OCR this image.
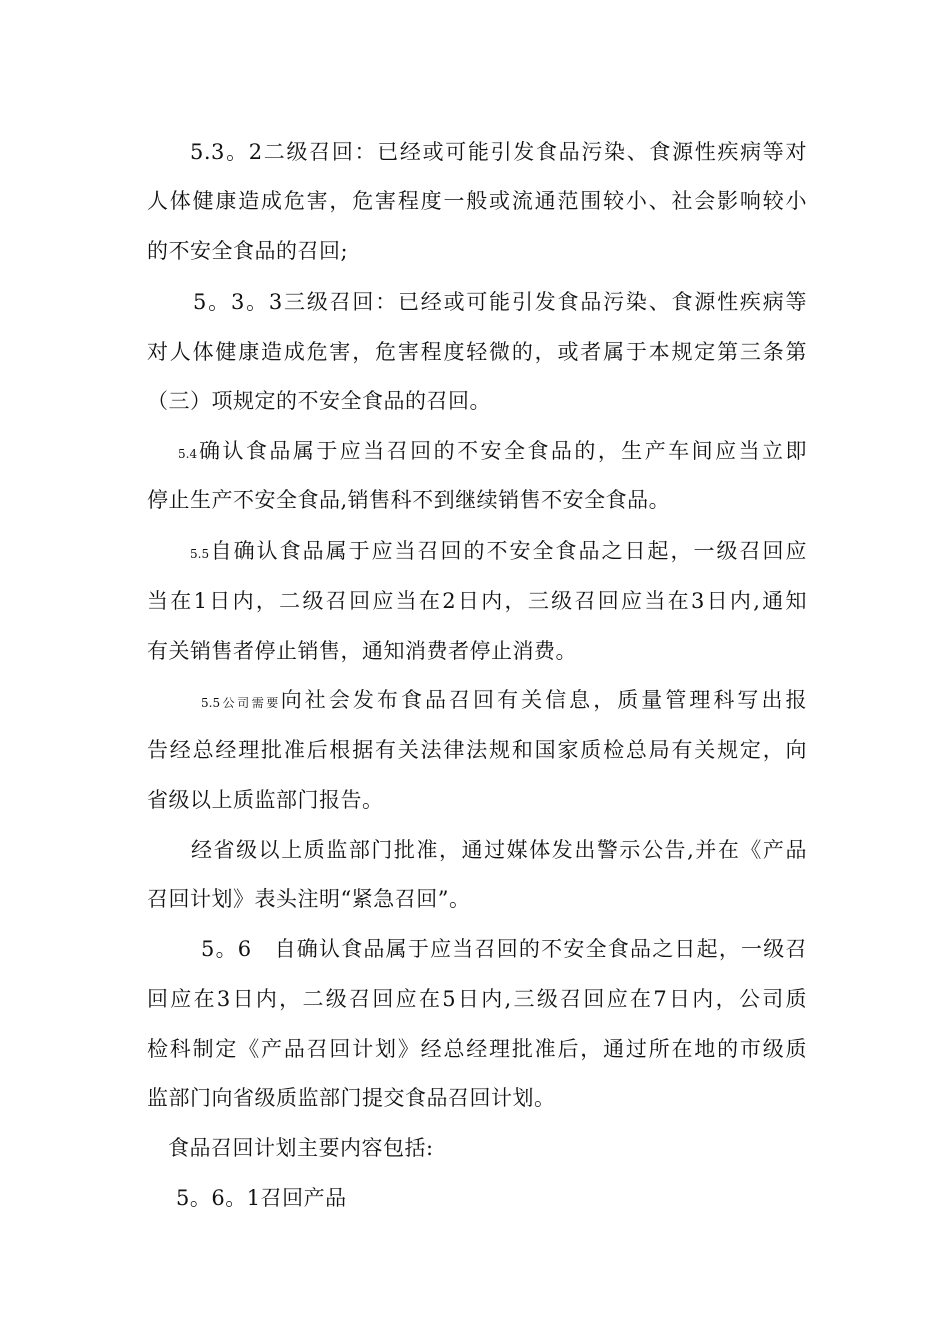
5.3。2二级召回：已经或可能引发食品污染、食源性疾病等对
人体健康造成危害，危害程度一般或流通范围较小、社会影响较小
的不安全食品的召回;
5。3。3三级召回：已经或可能引发食品污染、食源性疾病等
对人体健康造成危害，危害程度轻微的，或者属于本规定第三条第
（三）项规定的不安全食品的召回。
5.4确认食品属于应当召回的不安全食品的，生产车间应当立即
停止生产不安全食品,销售科不到继续销售不安全食品。
5.5自确认食品属于应当召回的不安全食品之日起，一级召回应
当在1日内，二级召回应当在2日内，三级召回应当在3日内,通知
有关销售者停止销售，通知消费者停止消费。
5.5公司需要向社会发布食品召回有关信息，质量管理科写出报
告经总经理批准后根据有关法律法规和国家质检总局有关规定，向
省级以上质监部门报告。
经省级以上质监部门批准，通过媒体发出警示公告,并在《产品
召回计划》表头注明“紧急召回”。
5。6　自确认食品属于应当召回的不安全食品之日起，一级召
回应在3日内，二级召回应在5日内,三级召回应在7日内，公司质
检科制定《产品召回计划》经总经理批准后，通过所在地的市级质
监部门向省级质监部门提交食品召回计划。
食品召回计划主要内容包括:
5。6。1召回产品
